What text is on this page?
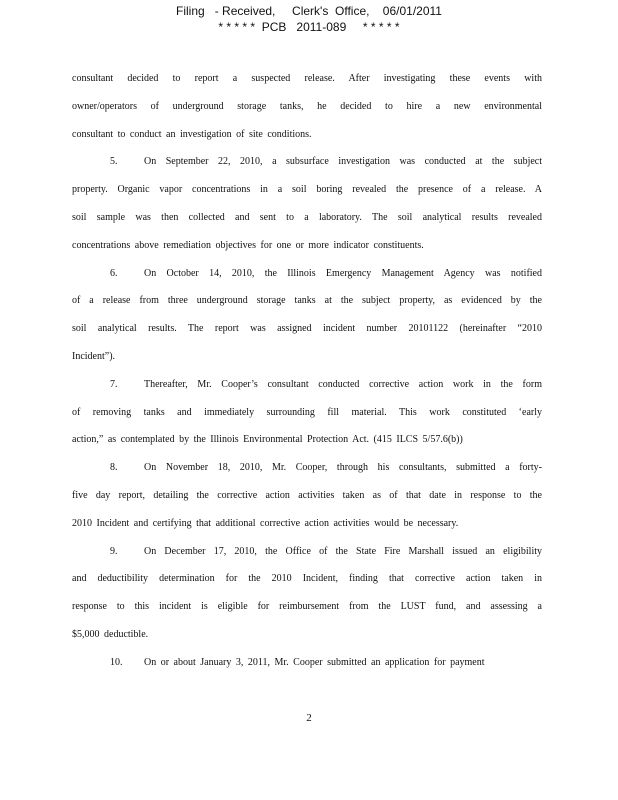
Filing   - Received,     Clerk's  Office,    06/01/2011
* * * * *  PCB   2011-089     * * * * *
consultant decided to report a suspected release. After investigating these events with
owner/operators of underground storage tanks, he decided to hire a new environmental
consultant to conduct an investigation of site conditions.
5.	On September 22, 2010, a subsurface investigation was conducted at the subject
property. Organic vapor concentrations in a soil boring revealed the presence of a release. A
soil sample was then collected and sent to a laboratory. The soil analytical results revealed
concentrations above remediation objectives for one or more indicator constituents.
6.	On October 14, 2010, the Illinois Emergency Management Agency was notified
of a release from three underground storage tanks at the subject property, as evidenced by the
soil analytical results. The report was assigned incident number 20101122 (hereinafter “2010
Incident”).
7.	Thereafter, Mr. Cooper’s consultant conducted corrective action work in the form
of removing tanks and immediately surrounding fill material. This work constituted ‘early
action,” as contemplated by the Illinois Environmental Protection Act. (415 ILCS 5/57.6(b))
8.	On November 18, 2010, Mr. Cooper, through his consultants, submitted a forty-
five day report, detailing the corrective action activities taken as of that date in response to the
2010 Incident and certifying that additional corrective action activities would be necessary.
9.	On December 17, 2010, the Office of the State Fire Marshall issued an eligibility
and deductibility determination for the 2010 Incident, finding that corrective action taken in
response to this incident is eligible for reimbursement from the LUST fund, and assessing a
$5,000 deductible.
10. On or about January 3, 2011, Mr. Cooper submitted an application for payment
2
